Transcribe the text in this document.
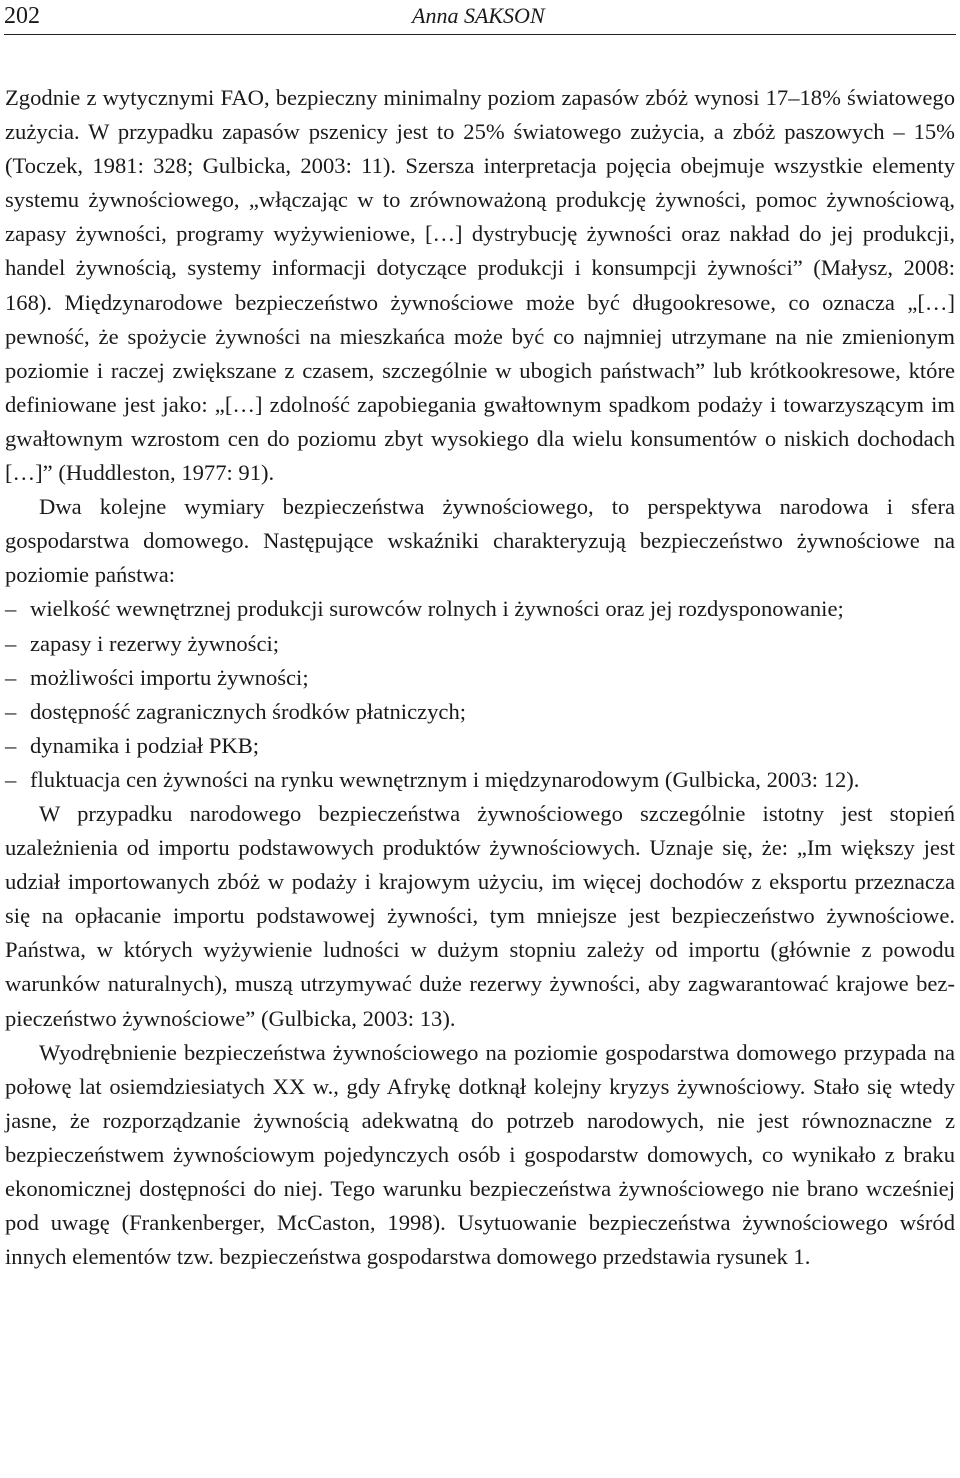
202	Anna SAKSON

Zgodnie z wytycznymi FAO, bezpieczny minimalny poziom zapasów zbóż wynosi 17–18% światowego zużycia. W przypadku zapasów pszenicy jest to 25% światowego zużycia, a zbóż paszowych – 15% (Toczek, 1981: 328; Gulbicka, 2003: 11). Szersza interpretacja pojęcia obejmuje wszystkie elementy systemu żywnościowego, „włączając w to zrównoważoną produkcję żywności, pomoc żywnościową, zapasy żywności, programy wyżywieniowe, […] dystrybucję żywności oraz nakład do jej produkcji, handel żywnością, systemy informacji dotyczące produkcji i konsumpcji żywności” (Małysz, 2008: 168). Międzynarodowe bezpieczeństwo żywnościowe może być długookresowe, co oznacza „[…] pewność, że spożycie żywności na mieszkańca może być co najmniej utrzymane na nie zmienionym poziomie i raczej zwiększane z czasem, szczególnie w ubogich państwach” lub krótkookresowe, które definiowane jest jako: „[…] zdolność zapobiegania gwałtownym spadkom podaży i towarzyszącym im gwałtownym wzrostom cen do poziomu zbyt wysokiego dla wielu konsumentów o niskich dochodach […]” (Huddleston, 1977: 91).

Dwa kolejne wymiary bezpieczeństwa żywnościowego, to perspektywa narodowa i sfera gospodarstwa domowego. Następujące wskaźniki charakteryzują bezpieczeństwo żywnościowe na poziomie państwa:

– wielkość wewnętrznej produkcji surowców rolnych i żywności oraz jej rozdysponowanie;
– zapasy i rezerwy żywności;
– możliwości importu żywności;
– dostępność zagranicznych środków płatniczych;
– dynamika i podział PKB;
– fluktuacja cen żywności na rynku wewnętrznym i międzynarodowym (Gulbicka, 2003: 12).

W przypadku narodowego bezpieczeństwa żywnościowego szczególnie istotny jest stopień uzależnienia od importu podstawowych produktów żywnościowych. Uznaje się, że: „Im większy jest udział importowanych zbóż w podaży i krajowym użyciu, im więcej dochodów z eksportu przeznacza się na opłacanie importu podstawowej żywności, tym mniejsze jest bezpieczeństwo żywnościowe. Państwa, w których wyżywienie ludności w dużym stopniu zależy od importu (głównie z powodu warunków naturalnych), muszą utrzymywać duże rezerwy żywności, aby zagwarantować krajowe bezpieczeństwo żywnościowe” (Gulbicka, 2003: 13).

Wyodrębnienie bezpieczeństwa żywnościowego na poziomie gospodarstwa domowego przypada na połowę lat osiemdziesiatych XX w., gdy Afrykę dotknął kolejny kryzys żywnościowy. Stało się wtedy jasne, że rozporządzanie żywnością adekwatną do potrzeb narodowych, nie jest równoznaczne z bezpieczeństwem żywnościowym pojedynczych osób i gospodarstw domowych, co wynikało z braku ekonomicznej dostępności do niej. Tego warunku bezpieczeństwa żywnościowego nie brano wcześniej pod uwagę (Frankenberger, McCaston, 1998). Usytuowanie bezpieczeństwa żywnościowego wśród innych elementów tzw. bezpieczeństwa gospodarstwa domowego przedstawia rysunek 1.
